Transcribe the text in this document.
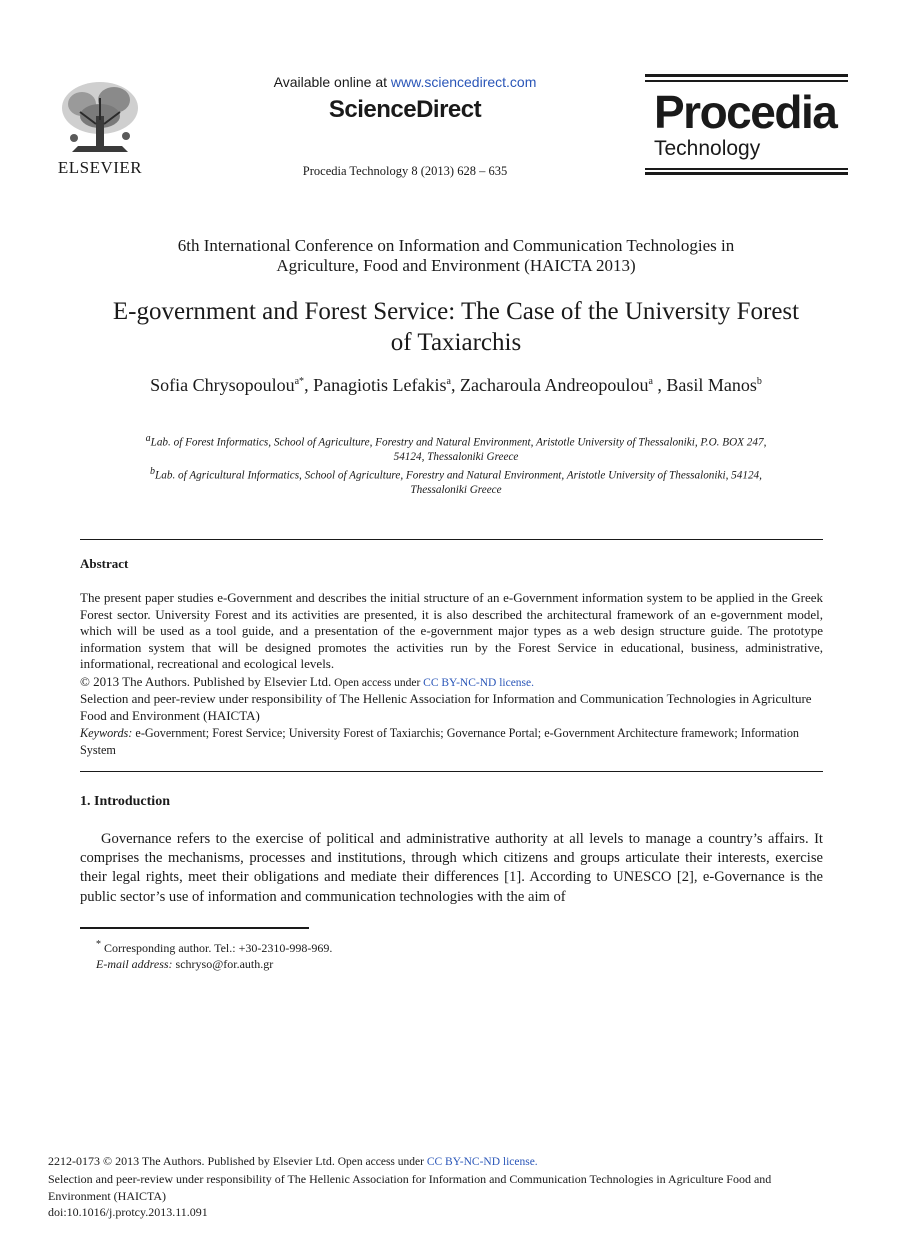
ELSEVIER
Available online at www.sciencedirect.com
ScienceDirect
Procedia Technology 8 (2013) 628 – 635
Procedia
Technology
6th International Conference on Information and Communication Technologies in
Agriculture, Food and Environment (HAICTA 2013)
E-government and Forest Service: The Case of the University Forest
of Taxiarchis
Sofia Chrysopoulou$^{a*}$, Panagiotis Lefakis$^a$, Zacharoula Andreopoulou$^a$ , Basil Manos$^b$
$^a$Lab. of Forest Informatics, School of Agriculture, Forestry and Natural Environment, Aristotle University of Thessaloniki, P.O. BOX 247,
54124, Thessaloniki Greece
$^b$Lab. of Agricultural Informatics, School of Agriculture, Forestry and Natural Environment, Aristotle University of Thessaloniki, 54124,
Thessaloniki Greece
Abstract
The present paper studies e-Government and describes the initial structure of an e-Government information system to be applied in the Greek Forest sector. University Forest and its activities are presented, it is also described the architectural framework of an e-government model, which will be used as a tool guide, and a presentation of the e-government major types as a web design structure guide. The prototype information system that will be designed promotes the activities run by the Forest Service in educational, business, administrative, informational, recreational and ecological levels.
© 2013 The Authors. Published by Elsevier Ltd. Open access under CC BY-NC-ND license.
Selection and peer-review under responsibility of The Hellenic Association for Information and Communication Technologies in Agriculture Food and Environment (HAICTA)
Keywords: e-Government; Forest Service; University Forest of Taxiarchis; Governance Portal; e-Government Architecture framework; Information System
1. Introduction
Governance refers to the exercise of political and administrative authority at all levels to manage a country’s affairs. It comprises the mechanisms, processes and institutions, through which citizens and groups articulate their interests, exercise their legal rights, meet their obligations and mediate their differences [1]. According to UNESCO [2], e-Governance is the public sector’s use of information and communication technologies with the aim of
* Corresponding author. Tel.: +30-2310-998-969.
E-mail address: schryso@for.auth.gr
2212-0173 © 2013 The Authors. Published by Elsevier Ltd. Open access under CC BY-NC-ND license.
Selection and peer-review under responsibility of The Hellenic Association for Information and Communication Technologies in Agriculture Food and Environment (HAICTA)
doi:10.1016/j.protcy.2013.11.091
